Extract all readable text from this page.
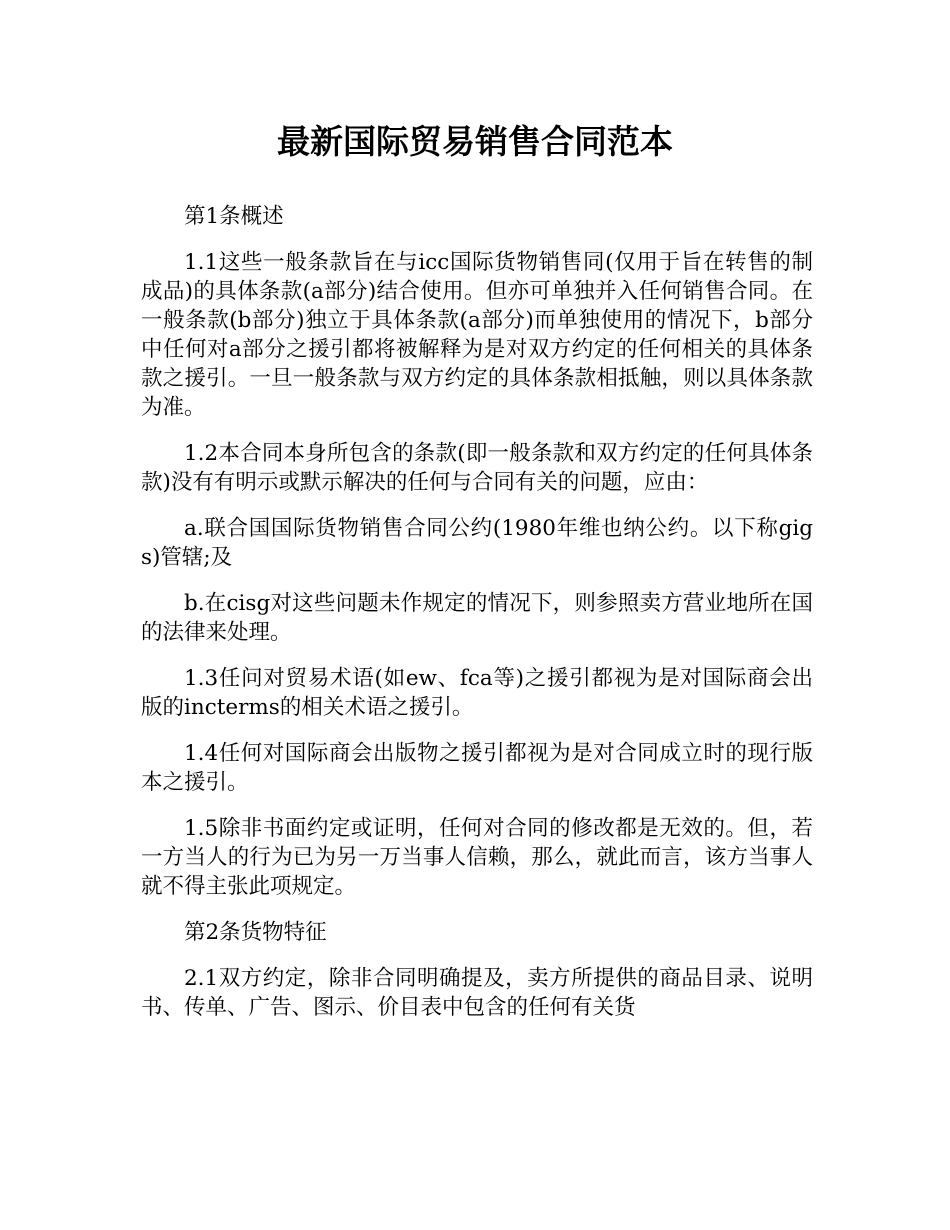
最新国际贸易销售合同范本

第1条概述

1.1这些一般条款旨在与icc国际货物销售同(仅用于旨在转售的制成品)的具体条款(a部分)结合使用。但亦可单独并入任何销售合同。在一般条款(b部分)独立于具体条款(a部分)而单独使用的情况下，b部分中任何对a部分之援引都将被解释为是对双方约定的任何相关的具体条款之援引。一旦一般条款与双方约定的具体条款相抵触，则以具体条款为准。

1.2本合同本身所包含的条款(即一般条款和双方约定的任何具体条款)没有有明示或默示解决的任何与合同有关的问题，应由：

a.联合国国际货物销售合同公约(1980年维也纳公约。以下称gigs)管辖;及

b.在cisg对这些问题未作规定的情况下，则参照卖方营业地所在国的法律来处理。

1.3任问对贸易术语(如ew、fca等)之援引都视为是对国际商会出版的incterms的相关术语之援引。

1.4任何对国际商会出版物之援引都视为是对合同成立时的现行版本之援引。

1.5除非书面约定或证明，任何对合同的修改都是无效的。但，若一方当人的行为已为另一万当事人信赖，那么，就此而言，该方当事人就不得主张此项规定。

第2条货物特征

2.1双方约定，除非合同明确提及，卖方所提供的商品目录、说明书、传单、广告、图示、价目表中包含的任何有关货
